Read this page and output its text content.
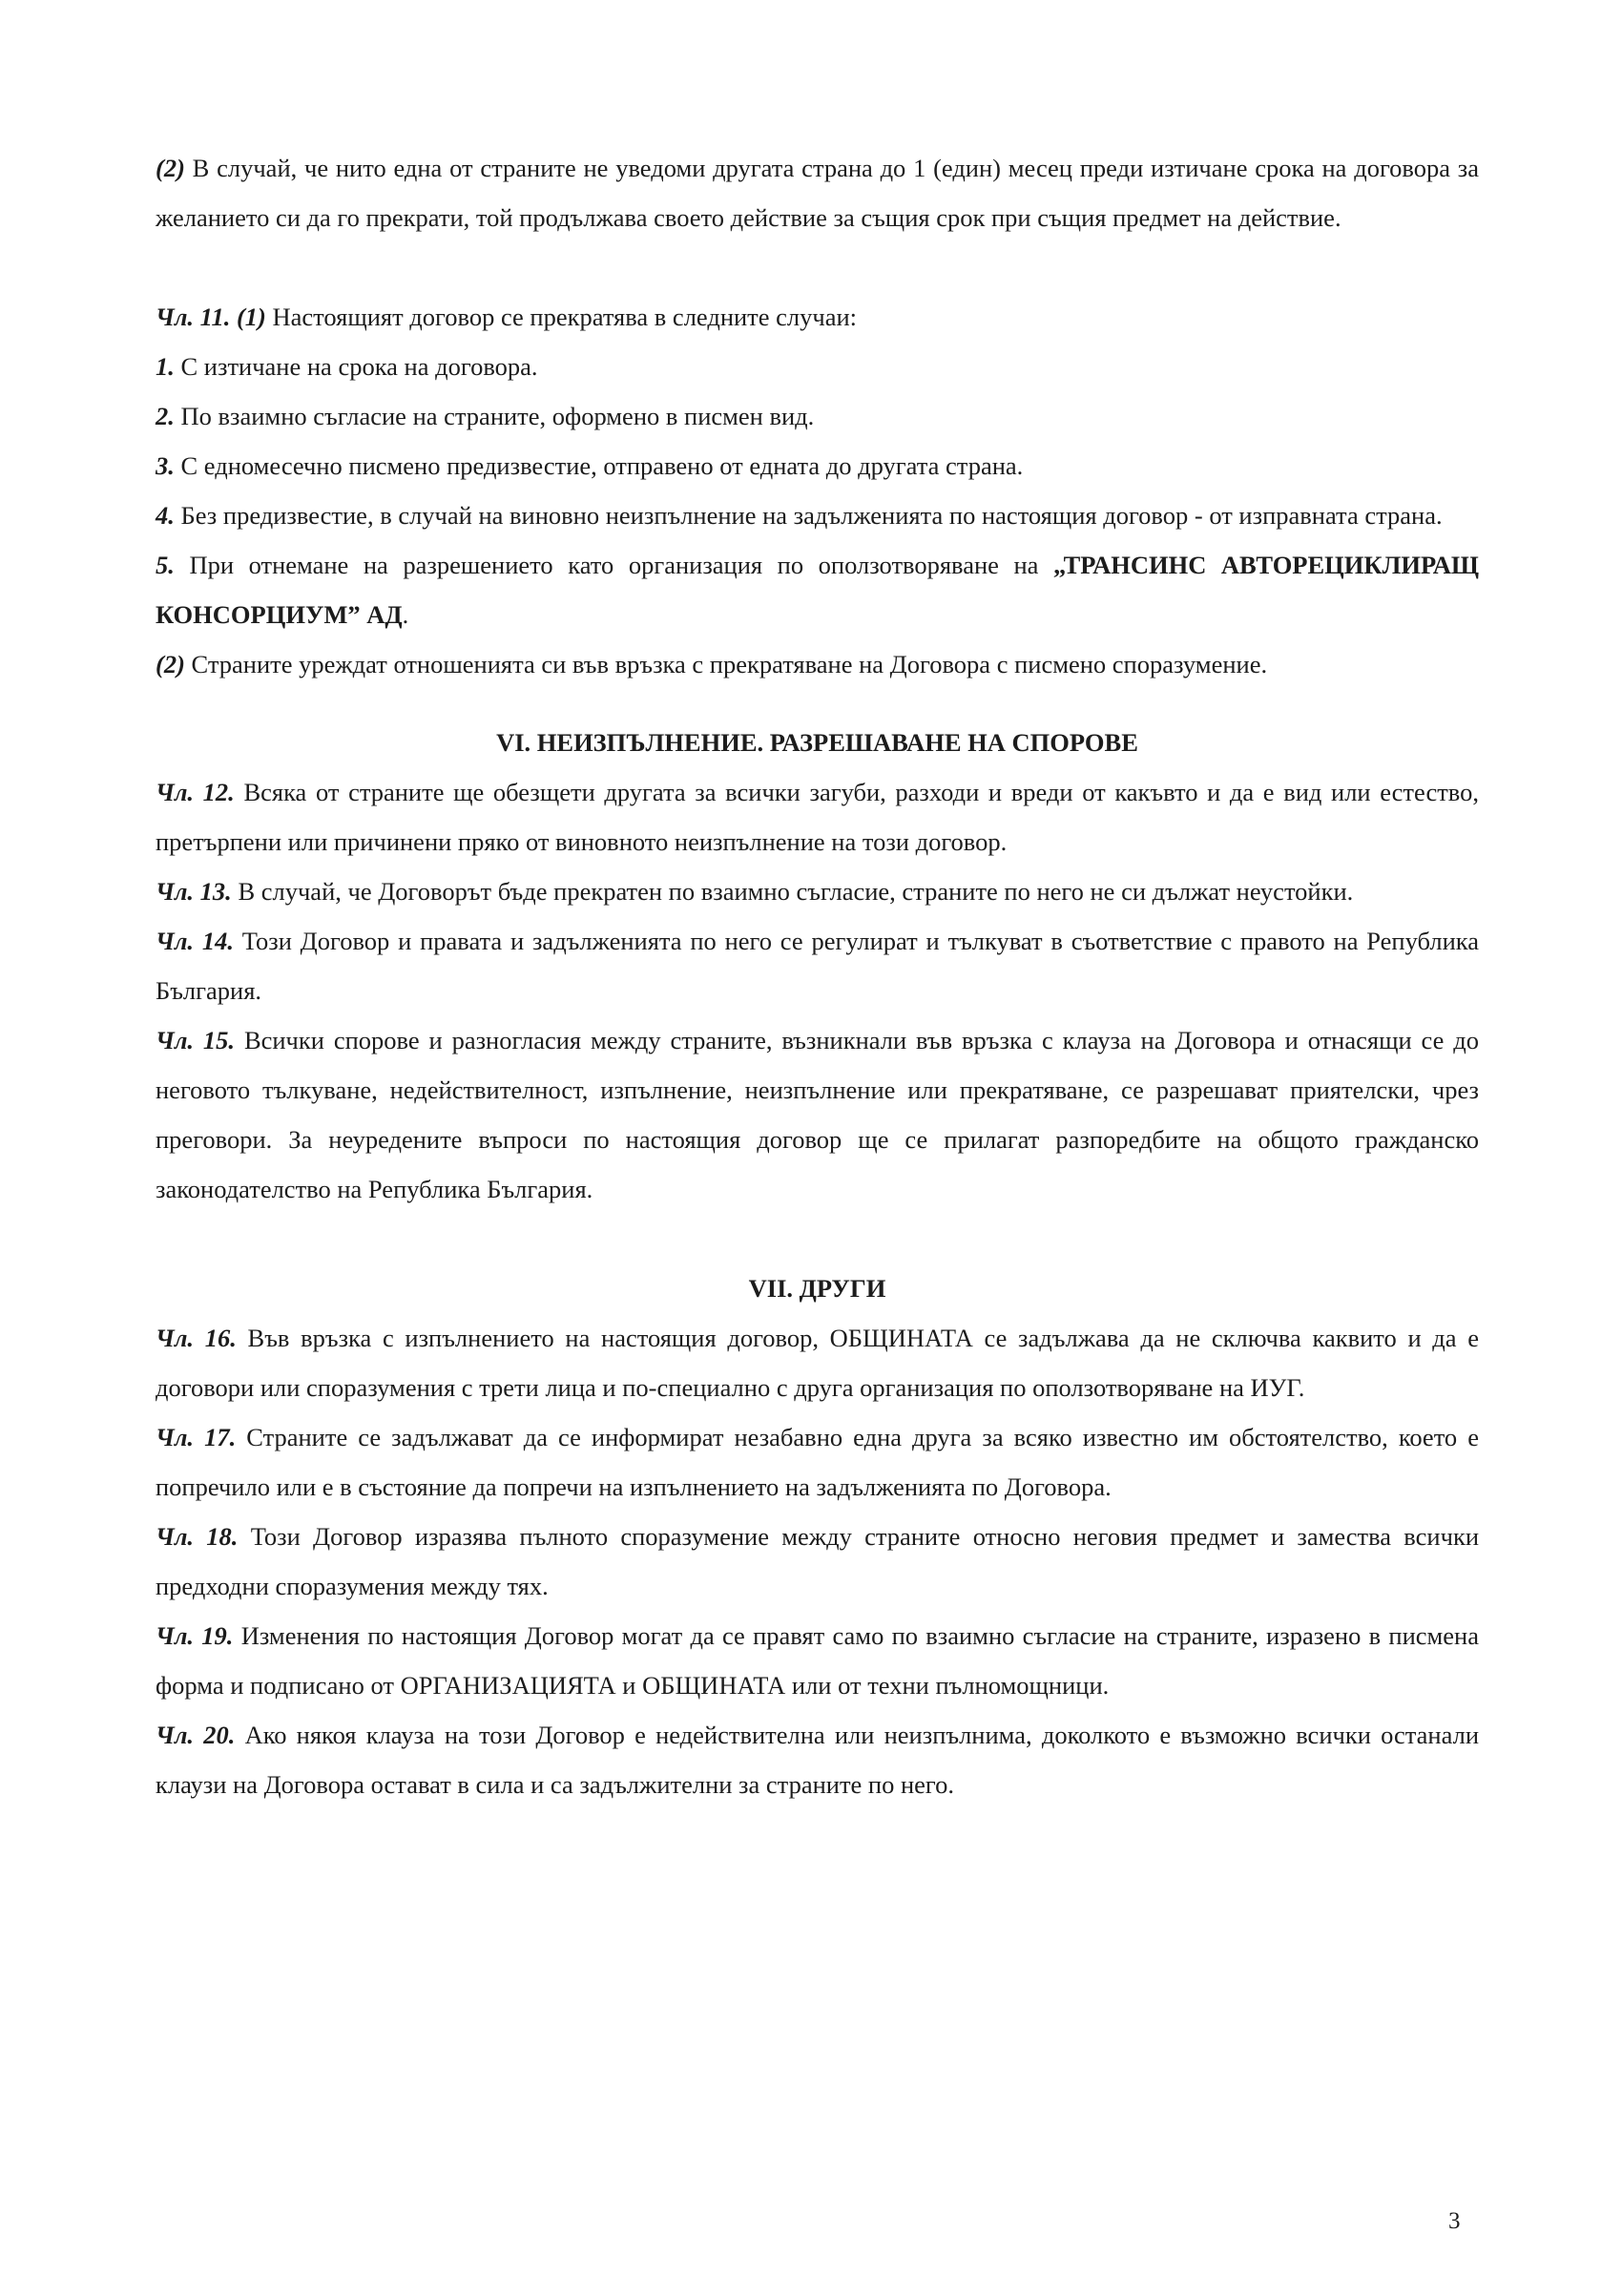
(2) В случай, че нито една от страните не уведоми другата страна до 1 (един) месец преди изтичане срока на договора за желанието си да го прекрати, той продължава своето действие за същия срок при същия предмет на действие.

Чл. 11. (1) Настоящият договор се прекратява в следните случаи:

1. С изтичане на срока на договора.

2. По взаимно съгласие на страните, оформено в писмен вид.

3. С едномесечно писмено предизвестие, отправено от едната до другата страна.

4. Без предизвестие, в случай на виновно неизпълнение на задълженията по настоящия договор - от изправната страна.

5. При отнемане на разрешението като организация по оползотворяване на „ТРАНСИНС АВТОРЕЦИКЛИРАЩ КОНСОРЦИУМ” АД.

(2) Страните уреждат отношенията си във връзка с прекратяване на Договора с писмено споразумение.

VI. НЕИЗПЪЛНЕНИЕ. РАЗРЕШАВАНЕ НА СПОРОВЕ

Чл. 12. Всяка от страните ще обезщети другата за всички загуби, разходи и вреди от какъвто и да е вид или естество, претърпени или причинени пряко от виновното неизпълнение на този договор.

Чл. 13. В случай, че Договорът бъде прекратен по взаимно съгласие, страните по него не си дължат неустойки.

Чл. 14. Този Договор и правата и задълженията по него се регулират и тълкуват в съответствие с правото на Република България.

Чл. 15. Всички спорове и разногласия между страните, възникнали във връзка с клауза на Договора и отнасящи се до неговото тълкуване, недействителност, изпълнение, неизпълнение или прекратяване, се разрешават приятелски, чрез преговори. За неуредените въпроси по настоящия договор ще се прилагат разпоредбите на общото гражданско законодателство на Република България.

VII. ДРУГИ

Чл. 16. Във връзка с изпълнението на настоящия договор, ОБЩИНАТА се задължава да не сключва каквито и да е договори или споразумения с трети лица и по-специално с друга организация по оползотворяване на ИУГ.

Чл. 17. Страните се задължават да се информират незабавно една друга за всяко известно им обстоятелство, което е попречило или е в състояние да попречи на изпълнението на задълженията по Договора.

Чл. 18. Този Договор изразява пълното споразумение между страните относно неговия предмет и замества всички предходни споразумения между тях.

Чл. 19. Изменения по настоящия Договор могат да се правят само по взаимно съгласие на страните, изразено в писмена форма и подписано от ОРГАНИЗАЦИЯТА и ОБЩИНАТА или от техни пълномощници.

Чл. 20. Ако някоя клауза на този Договор е недействителна или неизпълнима, доколкото е възможно всички останали клаузи на Договора остават в сила и са задължителни за страните по него.

3
